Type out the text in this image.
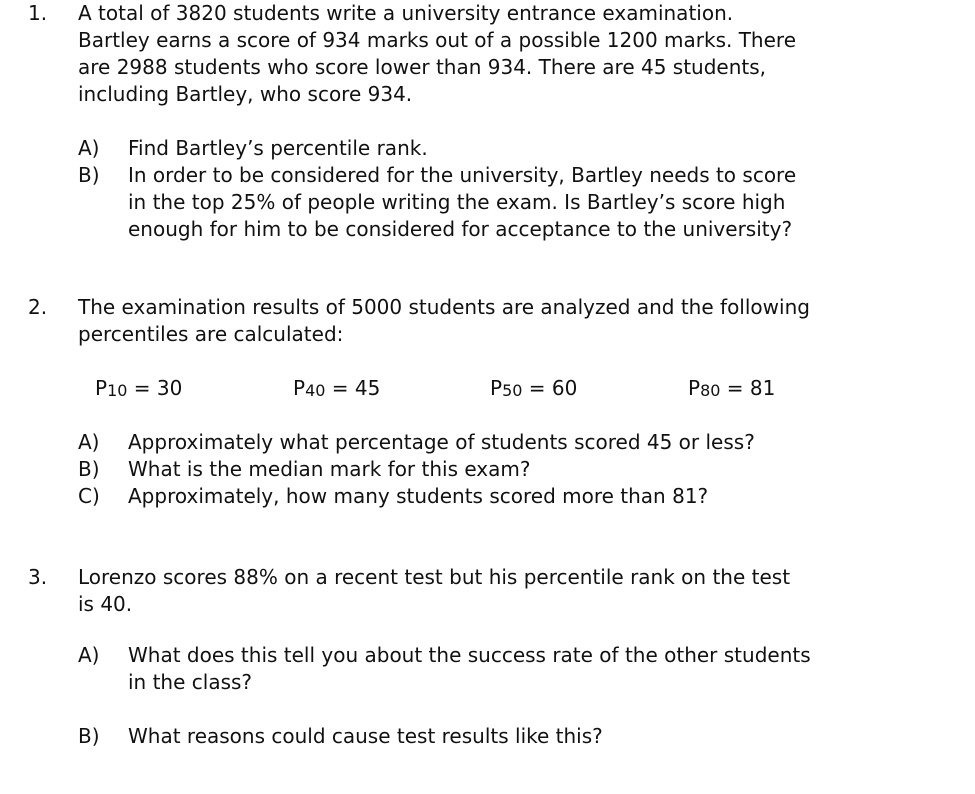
1. A total of 3820 students write a university entrance examination.
Bartley earns a score of 934 marks out of a possible 1200 marks. There
are 2988 students who score lower than 934. There are 45 students,
including Bartley, who score 934.
A) Find Bartley’s percentile rank.
B) In order to be considered for the university, Bartley needs to score
in the top 25% of people writing the exam. Is Bartley’s score high
enough for him to be considered for acceptance to the university?
2. The examination results of 5000 students are analyzed and the following
percentiles are calculated:
$P_{10} = 30$	$P_{40} = 45$	$P_{50} = 60$	$P_{80} = 81$
A) Approximately what percentage of students scored 45 or less?
B) What is the median mark for this exam?
C) Approximately, how many students scored more than 81?
3. Lorenzo scores 88% on a recent test but his percentile rank on the test
is 40.
A) What does this tell you about the success rate of the other students
in the class?
B) What reasons could cause test results like this?
